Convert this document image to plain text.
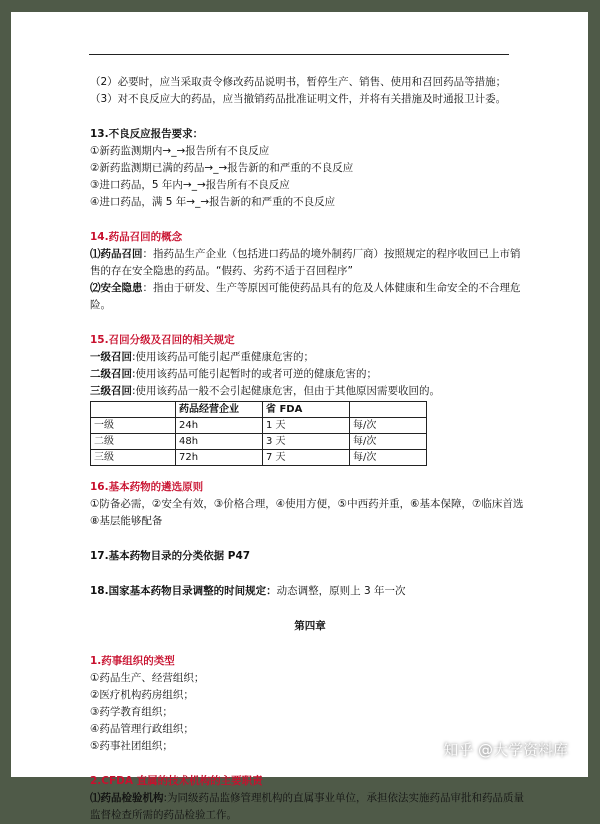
（2）必要时，应当采取责令修改药品说明书，暂停生产、销售、使用和召回药品等措施；
（3）对不良反应大的药品，应当撤销药品批准证明文件，并将有关措施及时通报卫计委。
13.不良反应报告要求：
①新药监测期内→_→报告所有不良反应
②新药监测期已满的药品→_→报告新的和严重的不良反应
③进口药品，5 年内→_→报告所有不良反应
④进口药品，满 5 年→_→报告新的和严重的不良反应
14.药品召回的概念
⑴药品召回：指药品生产企业（包括进口药品的境外制药厂商）按照规定的程序收回已上市销售的存在安全隐患的药品。“假药、劣药不适于召回程序”
⑵安全隐患：指由于研发、生产等原因可能使药品具有的危及人体健康和生命安全的不合理危险。
15.召回分级及召回的相关规定
一级召回:使用该药品可能引起严重健康危害的；
二级召回:使用该药品可能引起暂时的或者可逆的健康危害的；
三级召回:使用该药品一般不会引起健康危害，但由于其他原因需要收回的。
	药品经营企业	省 FDA	
一级	24h	1 天	每/次
二级	48h	3 天	每/次
三级	72h	7 天	每/次
16.基本药物的遴选原则
①防备必需，②安全有效，③价格合理，④使用方便，⑤中西药并重，⑥基本保障，⑦临床首选⑧基层能够配备
17.基本药物目录的分类依据 P47
18.国家基本药物目录调整的时间规定：动态调整，原则上 3 年一次
第四章
1.药事组织的类型
①药品生产、经营组织；
②医疗机构药房组织；
③药学教育组织；
④药品管理行政组织；
⑤药事社团组织；
2.CFDA 直属的技术机构的主要职责
⑴药品检验机构:为同级药品监修管理机构的直属事业单位，承担依法实施药品审批和药品质量监督检查所需的药品检验工作。
知乎 @大学资料库
